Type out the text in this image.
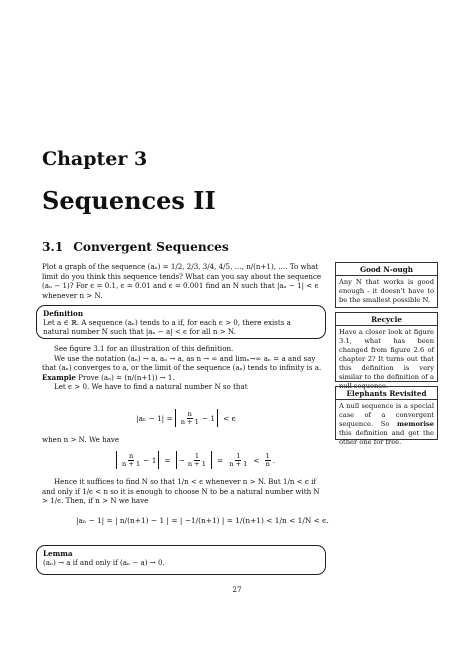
Chapter 3
Sequences II
3.1 Convergent Sequences

Plot a graph of the sequence (aₙ) = 1/2, 2/3, 3/4, 4/5, …, n/(n+1), …. To what limit do you think this sequence tends? What can you say about the sequence (aₙ − 1)? For ϵ = 0.1, ϵ = 0.01 and ϵ = 0.001 find an N such that |aₙ − 1| < ϵ whenever n > N.

Definition
Let a ∈ ℝ. A sequence (aₙ) tends to a if, for each ϵ > 0, there exists a natural number N such that |aₙ − a| < ϵ for all n > N.

See figure 3.1 for an illustration of this definition.

We use the notation (aₙ) → a, aₙ → a, as n → ∞ and limₙ→∞ aₙ = a and say that (aₙ) converges to a, or the limit of the sequence (aₙ) tends to infinity is a.

Example Prove (aₙ) = (n/(n+1)) → 1.

Let ϵ > 0. We have to find a natural number N so that

$|a_n - 1| = \frac{n}{n + 1} - 1 < \epsilon$

when n > N. We have

$\frac{n}{n + 1} - 1$ = − $\frac{1}{n + 1} = \frac{1}{n + 1} < \frac{1}{n}$ .

Hence it suffices to find N so that 1/n < ϵ whenever n > N. But 1/n < ϵ if and only if 1/ϵ < n so it is enough to choose N to be a natural number with N > 1/ϵ. Then, if n > N we have

|aₙ − 1| = | n/(n+1) − 1 | = | −1/(n+1) | = 1/(n+1) < 1/n < 1/N < ϵ.
Lemma
(aₙ) → a if and only if (aₙ − a) → 0.
27
Good N-ough
Any N that works is good enough - it doesn't have to be the smallest possible N.
Recycle
Have a closer look at figure 3.1, what has been changed from figure 2.6 of chapter 2? It turns out that this definition is very similar to the definition of a null sequence.
Elephants Revisited
A null sequence is a special case of a convergent sequence. So memorise this definition and get the other one for free.
